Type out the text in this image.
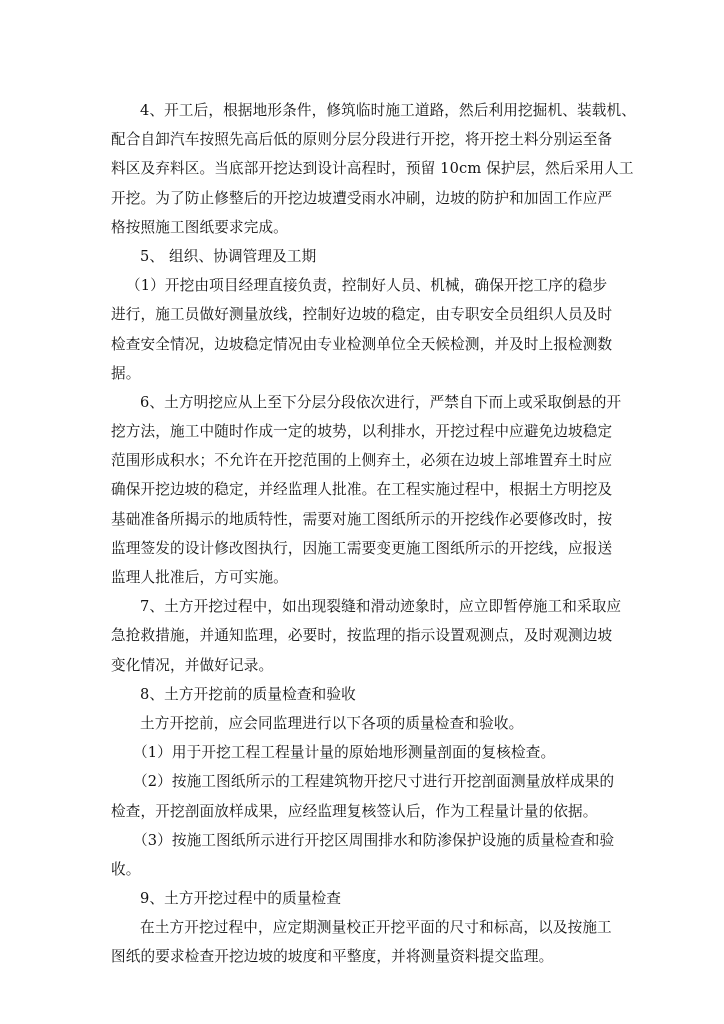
4、开工后，根据地形条件，修筑临时施工道路，然后利用挖掘机、装载机、
配合自卸汽车按照先高后低的原则分层分段进行开挖，将开挖土料分别运至备
料区及弃料区。当底部开挖达到设计高程时，预留 10cm 保护层，然后采用人工
开挖。为了防止修整后的开挖边坡遭受雨水冲刷，边坡的防护和加固工作应严
格按照施工图纸要求完成。
5、 组织、协调管理及工期
（1）开挖由项目经理直接负责，控制好人员、机械，确保开挖工序的稳步
进行，施工员做好测量放线，控制好边坡的稳定，由专职安全员组织人员及时
检查安全情况，边坡稳定情况由专业检测单位全天候检测，并及时上报检测数
据。
6、土方明挖应从上至下分层分段依次进行，严禁自下而上或采取倒悬的开
挖方法，施工中随时作成一定的坡势，以利排水，开挖过程中应避免边坡稳定
范围形成积水；不允许在开挖范围的上侧弃土，必须在边坡上部堆置弃土时应
确保开挖边坡的稳定，并经监理人批准。在工程实施过程中，根据土方明挖及
基础准备所揭示的地质特性，需要对施工图纸所示的开挖线作必要修改时，按
监理签发的设计修改图执行，因施工需要变更施工图纸所示的开挖线，应报送
监理人批准后，方可实施。
7、土方开挖过程中，如出现裂缝和滑动迹象时，应立即暂停施工和采取应
急抢救措施，并通知监理，必要时，按监理的指示设置观测点，及时观测边坡
变化情况，并做好记录。
8、土方开挖前的质量检查和验收
土方开挖前，应会同监理进行以下各项的质量检查和验收。
（1）用于开挖工程工程量计量的原始地形测量剖面的复核检查。
（2）按施工图纸所示的工程建筑物开挖尺寸进行开挖剖面测量放样成果的
检查，开挖剖面放样成果，应经监理复核签认后，作为工程量计量的依据。
（3）按施工图纸所示进行开挖区周围排水和防渗保护设施的质量检查和验
收。
9、土方开挖过程中的质量检查
在土方开挖过程中，应定期测量校正开挖平面的尺寸和标高，以及按施工
图纸的要求检查开挖边坡的坡度和平整度，并将测量资料提交监理。
